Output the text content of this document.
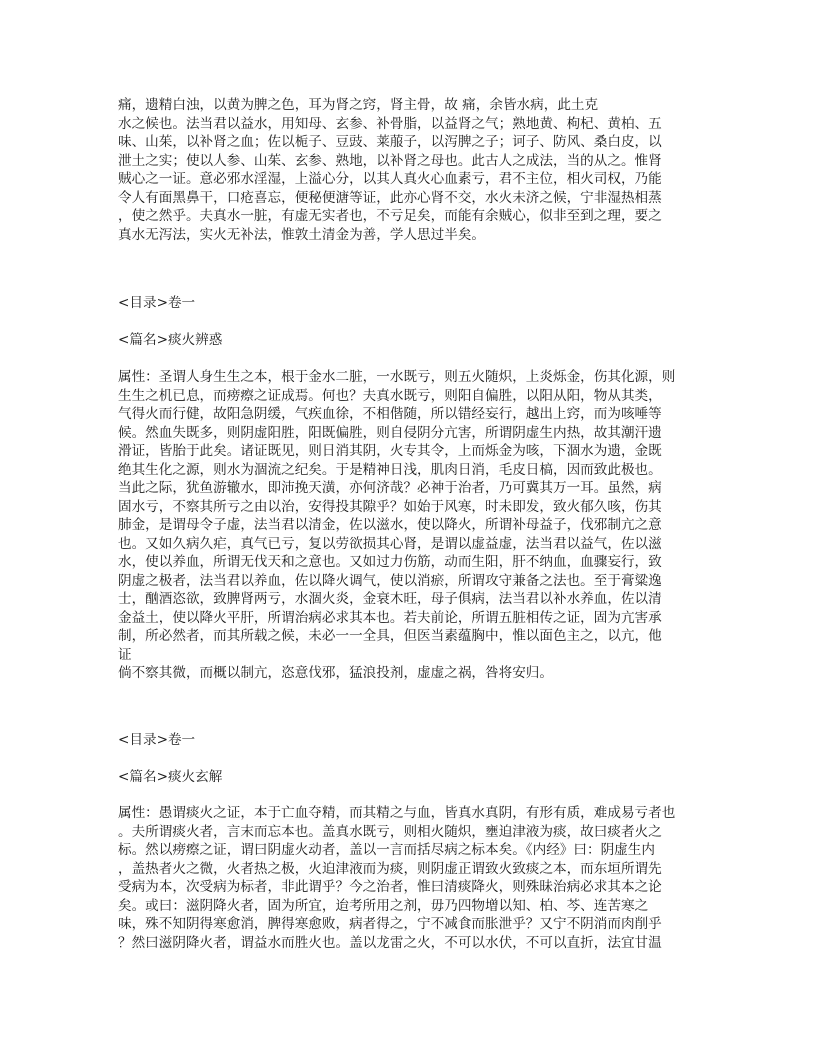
痛，遗精白浊，以黄为脾之色，耳为肾之窍，肾主骨，故 痛，余皆水病，此土克
水之候也。法当君以益水，用知母、玄参、补骨脂，以益肾之气；熟地黄、枸杞、黄柏、五
味、山茱，以补肾之血；佐以栀子、豆豉、莱菔子，以泻脾之子；诃子、防风、桑白皮，以
泄土之实；使以人参、山茱、玄参、熟地，以补肾之母也。此古人之成法，当的从之。惟肾
贼心之一证。意必邪水淫湿，上溢心分，以其人真火心血素亏，君不主位，相火司权，乃能
令人有面黑鼻干，口疮喜忘，便秘便溏等证，此亦心肾不交，水火未济之候，宁非湿热相蒸
，使之然乎。夫真水一脏，有虚无实者也，不亏足矣，而能有余贼心，似非至到之理，要之
真水无泻法，实火无补法，惟敦土清金为善，学人思过半矣。
<目录>卷一
<篇名>痰火辨惑
属性：圣谓人身生生之本，根于金水二脏，一水既亏，则五火随炽，上炎烁金，伤其化源，则
生生之机已息，而痨瘵之证成焉。何也？夫真水既亏，则阳自偏胜，以阳从阳，物从其类，
气得火而行健，故阳急阴缓，气疾血徐，不相偕随，所以错经妄行，越出上窍，而为咳唾等
候。然血失既多，则阴虚阳胜，阳既偏胜，则自侵阴分亢害，所谓阴虚生内热，故其潮汗遗
滑证，皆胎于此矣。诸证既见，则日消其阴，火专其令，上而烁金为咳，下涸水为遗，金既
绝其生化之源，则水为涸流之纪矣。于是精神日浅，肌肉日消，毛皮日槁，因而致此极也。
当此之际，犹鱼游辙水，即沛挽天潢，亦何济哉？必神于治者，乃可冀其万一耳。虽然，病
固水亏，不察其所亏之由以治，安得投其隙乎？如始于风寒，时未即发，致火郁久咳，伤其
肺金，是谓母令子虚，法当君以清金，佐以滋水，使以降火，所谓补母益子，伐邪制亢之意
也。又如久病久疟，真气已亏，复以劳欲损其心肾，是谓以虚益虚，法当君以益气，佐以滋
水，使以养血，所谓无伐天和之意也。又如过力伤筋，动而生阳，肝不纳血，血骤妄行，致
阴虚之极者，法当君以养血，佐以降火调气，使以消瘀，所谓攻守兼备之法也。至于膏粱逸
士，酗酒恣欲，致脾肾两亏，水涸火炎，金衰木旺，母子俱病，法当君以补水养血，佐以清
金益土，使以降火平肝，所谓治病必求其本也。若夫前论，所谓五脏相传之证，固为亢害承
制，所必然者，而其所载之候，未必一一全具，但医当素蕴胸中，惟以面色主之，以亢，他
证
倘不察其微，而概以制亢，恣意伐邪，猛浪投剂，虚虚之祸，咎将安归。
<目录>卷一
<篇名>痰火玄解
属性：愚谓痰火之证，本于亡血夺精，而其精之与血，皆真水真阴，有形有质，难成易亏者也
。夫所谓痰火者，言末而忘本也。盖真水既亏，则相火随炽，壅迫津液为痰，故曰痰者火之
标。然以痨瘵之证，谓曰阴虚火动者，盖以一言而括尽病之标本矣。《内经》曰：阴虚生内
，盖热者火之微，火者热之极，火迫津液而为痰，则阴虚正谓致火致痰之本，而东垣所谓先
受病为本，次受病为标者，非此谓乎？今之治者，惟曰清痰降火，则殊昧治病必求其本之论
矣。或曰：滋阴降火者，固为所宜，迨考所用之剂，毋乃四物增以知、柏、芩、连苦寒之
味，殊不知阴得寒愈消，脾得寒愈败，病者得之，宁不减食而胀泄乎？又宁不阴消而肉削乎
？然曰滋阴降火者，谓益水而胜火也。盖以龙雷之火，不可以水伏，不可以直折，法宜甘温
